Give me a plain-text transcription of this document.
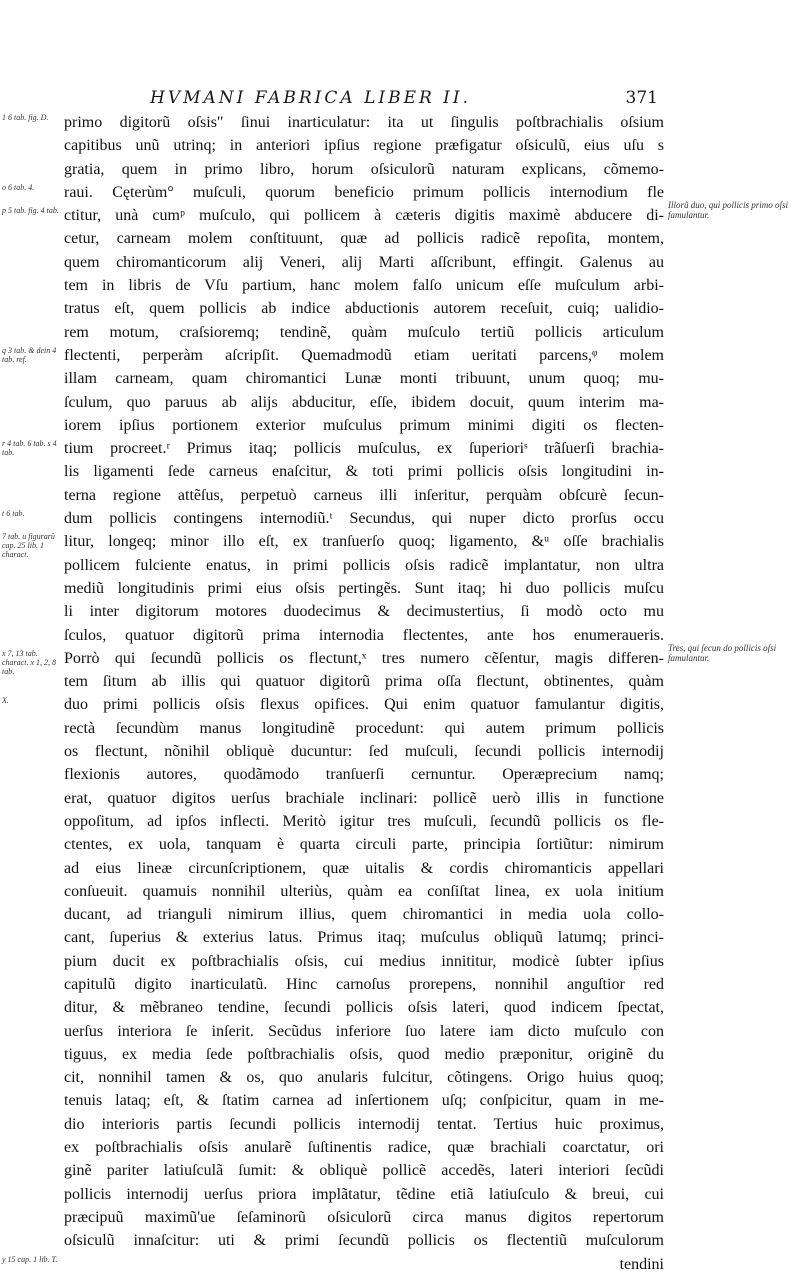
HVMANI FABRICA LIBER II.	371
primo digitorũ oſsis" ſinui inarticulatur: ita ut ſingulis poſtbrachialis oſsium
capitibus unũ utrinq; in anteriori ipſius regione præfigatur oſsiculũ, eius uſu s
gratia, quem in primo libro, horum oſsiculorũ naturam explicans, cõmemo-
raui. Cęterùm° muſculi, quorum beneficio primum pollicis internodium fle
ctitur, unà cumᵖ muſculo, qui pollicem à cæteris digitis maximè abducere di-
cetur, carneam molem conſtituunt, quæ ad pollicis radicẽ repoſita, montem,
quem chiromanticorum alij Veneri, alij Marti aſſcribunt, effingit. Galenus au
tem in libris de Vſu partium, hanc molem falſo unicum eſſe muſculum arbi-
tratus eſt, quem pollicis ab indice abductionis autorem receſuit, cuiq; ualidio-
rem motum, craſsioremq; tendinẽ, quàm muſculo tertiũ pollicis articulum
flectenti, perperàm aſcripſit. Quemadmodũ etiam ueritati parcens,ᵠ molem
illam carneam, quam chiromantici Lunæ monti tribuunt, unum quoq; mu-
ſculum, quo paruus ab alijs abducitur, eſſe, ibidem docuit, quum interim ma-
iorem ipſius portionem exterior muſculus primum minimi digiti os flecten-
tium procreet.ʳ Primus itaq; pollicis muſculus, ex ſuperioriˢ trãſuerſi brachia-
lis ligamenti ſede carneus enaſcitur, & toti primi pollicis oſsis longitudini in-
terna regione attẽſus, perpetuò carneus illi inſeritur, perquàm obſcurè ſecun-
dum pollicis contingens internodiũ.ᵗ Secundus, qui nuper dicto prorſus occu
litur, longeq; minor illo eſt, ex tranſuerſo quoq; ligamento, &ᵘ oſſe brachialis
pollicem fulciente enatus, in primi pollicis oſsis radicẽ implantatur, non ultra
mediũ longitudinis primi eius oſsis pertingẽs. Sunt itaq; hi duo pollicis muſcu
li inter digitorum motores duodecimus & decimustertius, ſi modò octo mu
ſculos, quatuor digitorũ prima internodia flectentes, ante hos enumeraueris.
Porrò qui ſecundũ pollicis os flectunt,ˣ tres numero cẽſentur, magis differen-
tem ſitum ab illis qui quatuor digitorũ prima oſſa flectunt, obtinentes, quàm
duo primi pollicis oſsis flexus opifices. Qui enim quatuor famulantur digitis,
rectà ſecundùm manus longitudinẽ procedunt: qui autem primum pollicis
os flectunt, nõnihil obliquè ducuntur: ſed muſculi, ſecundi pollicis internodij
flexionis autores, quodãmodo tranſuerſi cernuntur. Operæprecium namq;
erat, quatuor digitos uerſus brachiale inclinari: pollicẽ uerò illis in functione
oppoſitum, ad ipſos inflecti. Meritò igitur tres muſculi, ſecundũ pollicis os fle-
ctentes, ex uola, tanquam è quarta circuli parte, principia ſortiũtur: nimirum
ad eius lineæ circunſcriptionem, quæ uitalis & cordis chiromanticis appellari
conſueuit. quamuis nonnihil ulteriùs, quàm ea conſiſtat linea, ex uola initium
ducant, ad trianguli nimirum illius, quem chiromantici in media uola collo-
cant, ſuperius & exterius latus. Primus itaq; muſculus obliquũ latumq; princi-
pium ducit ex poſtbrachialis oſsis, cui medius innititur, modicè ſubter ipſius
capitulũ digito inarticulatũ. Hinc carnoſus prorepens, nonnihil anguſtior red
ditur, & mẽbraneo tendine, ſecundi pollicis oſsis lateri, quod indicem ſpectat,
uerſus interiora ſe inſerit. Secũdus inferiore ſuo latere iam dicto muſculo con
tiguus, ex media ſede poſtbrachialis oſsis, quod medio præponitur, originẽ du
cit, nonnihil tamen & os, quo anularis fulcitur, cõtingens. Origo huius quoq;
tenuis lataq; eſt, & ſtatim carnea ad inſertionem uſq; conſpicitur, quam in me-
dio interioris partis ſecundi pollicis internodij tentat. Tertius huic proximus,
ex poſtbrachialis oſsis anularẽ ſuſtinentis radice, quæ brachiali coarctatur, ori
ginẽ pariter latiuſculã ſumit: & obliquè pollicẽ accedẽs, lateri interiori ſecũdi
pollicis internodij uerſus priora implãtatur, tẽdine etiã latiuſculo & breui, cui
præcipuũ maximũ'ue ſeſaminorũ oſsiculorũ circa manus digitos repertorum
oſsiculũ innaſcitur: uti & primi ſecundũ pollicis os flectentiũ muſculorum
tendini
1 6 tab. fig. D.
o 6 tab. 4.
p 5 tab. fig. 4 tab.
q 3 tab. & dein 4 tab. ref.
r 4 tab. 6 tab. s 4 tab.
t 6 tab.
7 tab. u figurarũ cap. 25 lib. 1 charact.
x 7, 13 tab. charact. x 1, 2, 8 tab.
X.
y 15 cap. 1 lib. T.
Illorũ duo, qui pollicis primo oſsi famulantur.
Tres, qui ſecun do pollicis oſsi famulantur.
